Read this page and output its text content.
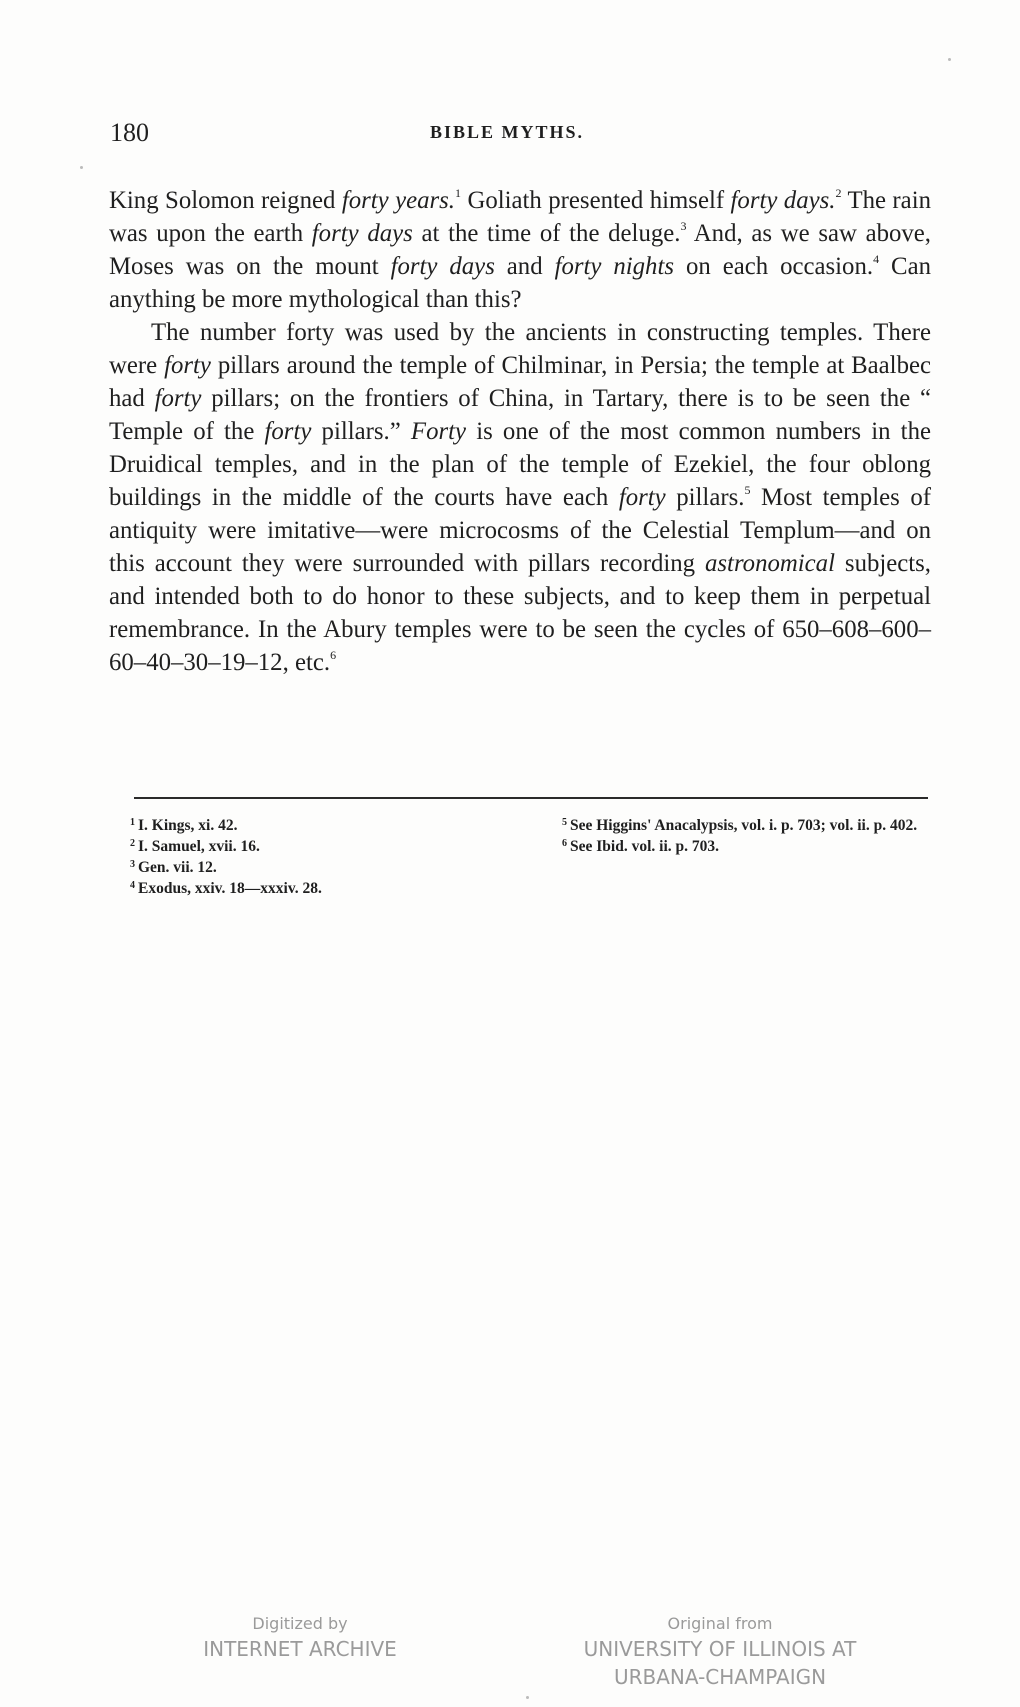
180	BIBLE MYTHS.

King Solomon reigned forty years.$^1$ Goliath presented himself forty days.$^2$ The rain was upon the earth forty days at the time of the deluge.$^3$ And, as we saw above, Moses was on the mount forty days and forty nights on each occasion.$^4$ Can anything be more mythological than this?

The number forty was used by the ancients in constructing temples. There were forty pillars around the temple of Chilminar, in Persia; the temple at Baalbec had forty pillars; on the frontiers of China, in Tartary, there is to be seen the “ Temple of the forty pillars.” Forty is one of the most common numbers in the Druidical temples, and in the plan of the temple of Ezekiel, the four oblong buildings in the middle of the courts have each forty pillars.$^5$ Most temples of antiquity were imitative—were microcosms of the Celestial Templum—and on this account they were surrounded with pillars recording astronomical subjects, and intended both to do honor to these subjects, and to keep them in perpetual remembrance. In the Abury temples were to be seen the cycles of 650–608–600–60–40–30–19–12, etc.$^6$

$^1$ I. Kings, xi. 42.

$^2$ I. Samuel, xvii. 16.

$^3$ Gen. vii. 12.

$^4$ Exodus, xxiv. 18—xxxiv. 28.

$^5$ See Higgins' Anacalypsis, vol. i. p. 703; vol. ii. p. 402.

$^6$ See Ibid. vol. ii. p. 703.

Digitized by
INTERNET ARCHIVE
Original from
UNIVERSITY OF ILLINOIS AT
URBANA-CHAMPAIGN
